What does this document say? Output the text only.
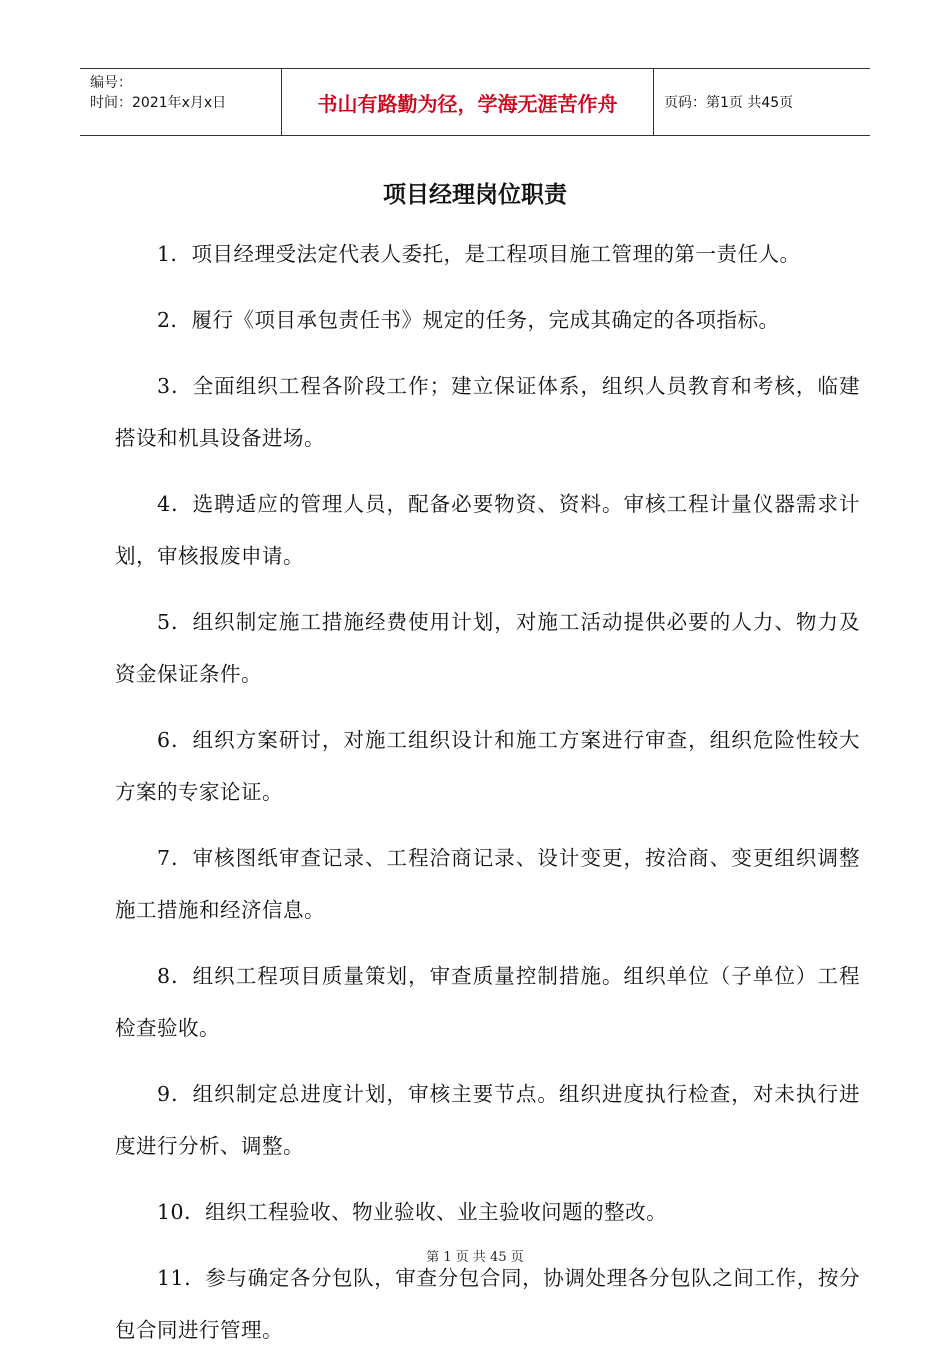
编号：
时间：2021年x月x日	书山有路勤为径，学海无涯苦作舟	页码：第1页 共45页
项目经理岗位职责

1．项目经理受法定代表人委托，是工程项目施工管理的第一责任人。

2．履行《项目承包责任书》规定的任务，完成其确定的各项指标。

3．全面组织工程各阶段工作；建立保证体系，组织人员教育和考核，临建搭设和机具设备进场。

4．选聘适应的管理人员，配备必要物资、资料。审核工程计量仪器需求计划，审核报废申请。

5．组织制定施工措施经费使用计划，对施工活动提供必要的人力、物力及资金保证条件。

6．组织方案研讨，对施工组织设计和施工方案进行审查，组织危险性较大方案的专家论证。

7．审核图纸审查记录、工程洽商记录、设计变更，按洽商、变更组织调整施工措施和经济信息。

8．组织工程项目质量策划，审查质量控制措施。组织单位（子单位）工程检查验收。

9．组织制定总进度计划，审核主要节点。组织进度执行检查，对未执行进度进行分析、调整。

10．组织工程验收、物业验收、业主验收问题的整改。

11．参与确定各分包队，审查分包合同，协调处理各分包队之间工作，按分包合同进行管理。

第 1 页 共 45 页
